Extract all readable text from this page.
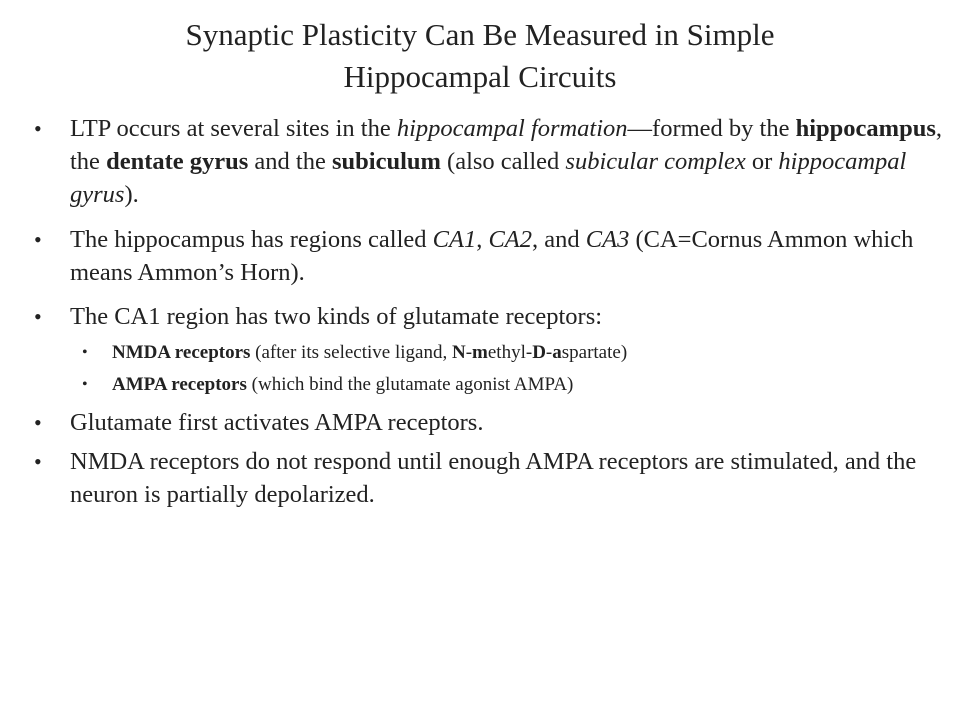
Synaptic Plasticity Can Be Measured in Simple
Hippocampal Circuits
• LTP occurs at several sites in the hippocampal formation—formed by the hippocampus, the dentate gyrus and the subiculum (also called subicular complex or hippocampal gyrus).
• The hippocampus has regions called CA1, CA2, and CA3 (CA=Cornus Ammon which means Ammon’s Horn).
• The CA1 region has two kinds of glutamate receptors:
• NMDA receptors (after its selective ligand, N-methyl-D-aspartate)
• AMPA receptors (which bind the glutamate agonist AMPA)
• Glutamate first activates AMPA receptors.
• NMDA receptors do not respond until enough AMPA receptors are stimulated, and the neuron is partially depolarized.
